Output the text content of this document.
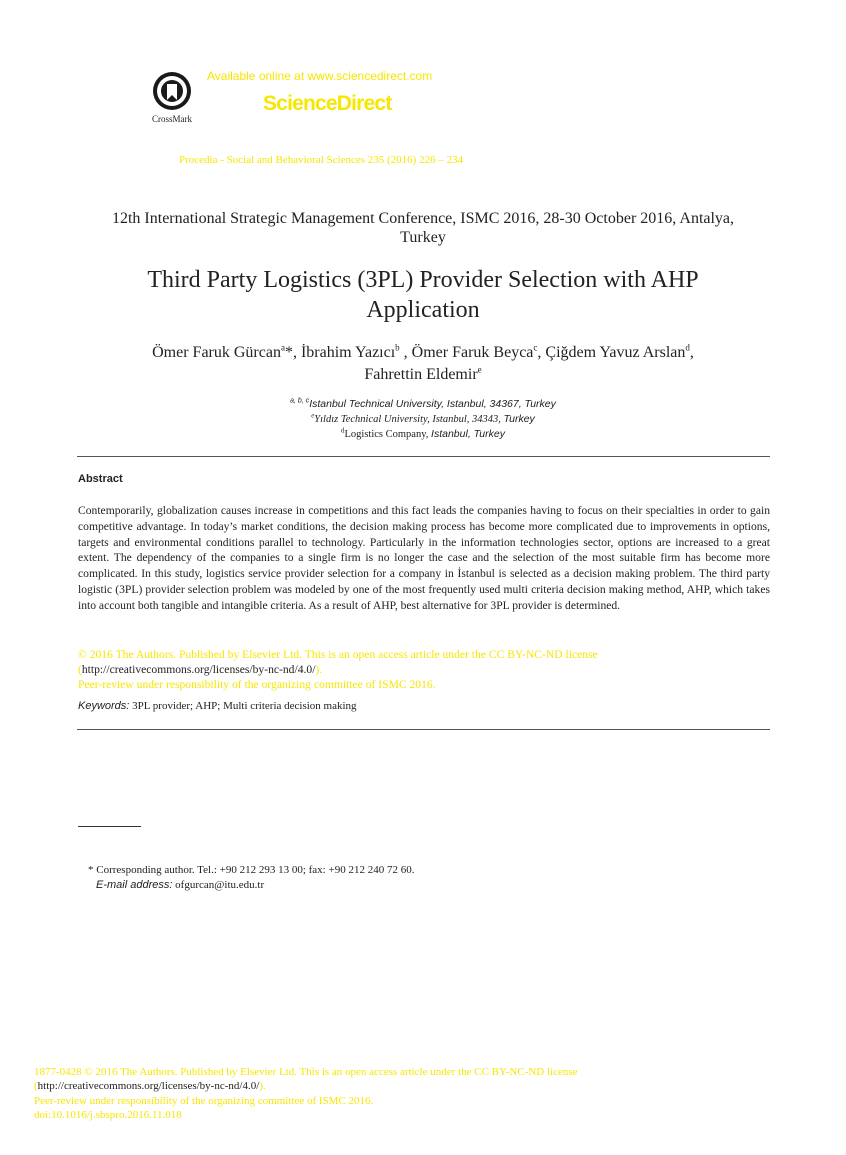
CrossMark
Available online at www.sciencedirect.com
ScienceDirect
Procedia - Social and Behavioral Sciences 235 (2016) 226 – 234
12th International Strategic Management Conference, ISMC 2016, 28-30 October 2016, Antalya,
Turkey
Third Party Logistics (3PL) Provider Selection with AHP
Application
Ömer Faruk Gürcan$^a$*, İbrahim Yazıcı$^b$ , Ömer Faruk Beyca$^c$, Çiğdem Yavuz Arslan$^d$,
Fahrettin Eldemir$^e$
$^{a, b, c}$Istanbul Technical University, Istanbul, 34367, Turkey
$^e$Yıldız Technical University, Istanbul, 34343, Turkey
$^d$Logistics Company, Istanbul, Turkey
Abstract
Contemporarily, globalization causes increase in competitions and this fact leads the companies having to focus on their specialties in order to gain competitive advantage. In today’s market conditions, the decision making process has become more complicated due to improvements in options, targets and environmental conditions parallel to technology. Particularly in the information technologies sector, options are increased to a great extent. The dependency of the companies to a single firm is no longer the case and the selection of the most suitable firm has become more complicated. In this study, logistics service provider selection for a company in İstanbul is selected as a decision making problem. The third party logistic (3PL) provider selection problem was modeled by one of the most frequently used multi criteria decision making method, AHP, which takes into account both tangible and intangible criteria. As a result of AHP, best alternative for 3PL provider is determined.
© 2016 The Authors. Published by Elsevier Ltd. This is an open access article under the CC BY-NC-ND license
(http://creativecommons.org/licenses/by-nc-nd/4.0/).
Peer-review under responsibility of the organizing committee of ISMC 2016.
Keywords: 3PL provider; AHP; Multi criteria decision making
* Corresponding author. Tel.: +90 212 293 13 00; fax: +90 212 240 72 60.
E-mail address: ofgurcan@itu.edu.tr
1877-0428 © 2016 The Authors. Published by Elsevier Ltd. This is an open access article under the CC BY-NC-ND license
(http://creativecommons.org/licenses/by-nc-nd/4.0/).
Peer-review under responsibility of the organizing committee of ISMC 2016.
doi:10.1016/j.sbspro.2016.11.018
